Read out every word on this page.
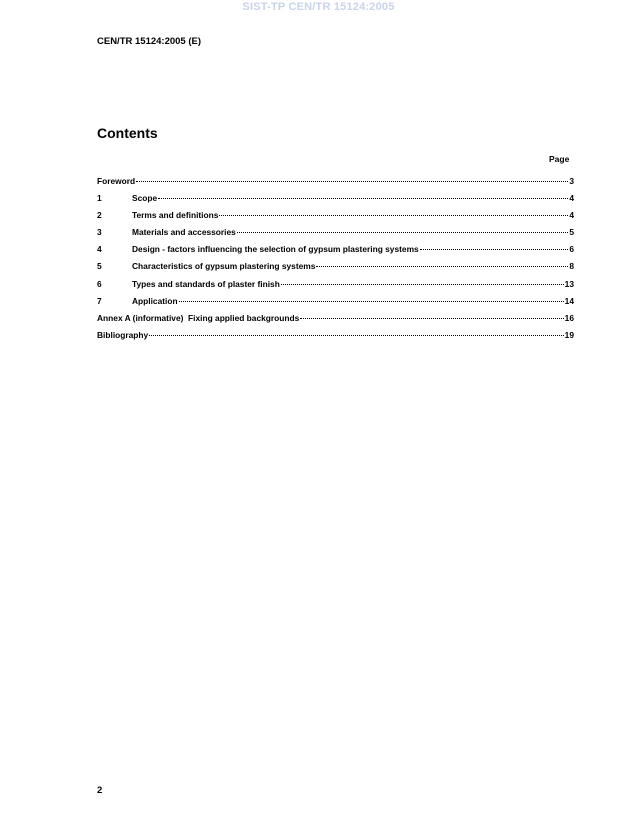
SIST-TP CEN/TR 15124:2005
CEN/TR 15124:2005 (E)
Contents
Page
Foreword	3
1	Scope	4
2	Terms and definitions	4
3	Materials and accessories	5
4	Design - factors influencing the selection of gypsum plastering systems	6
5	Characteristics of gypsum plastering systems	8
6	Types and standards of plaster finish	13
7	Application	14
Annex A (informative)  Fixing applied backgrounds	16
Bibliography	19
2
